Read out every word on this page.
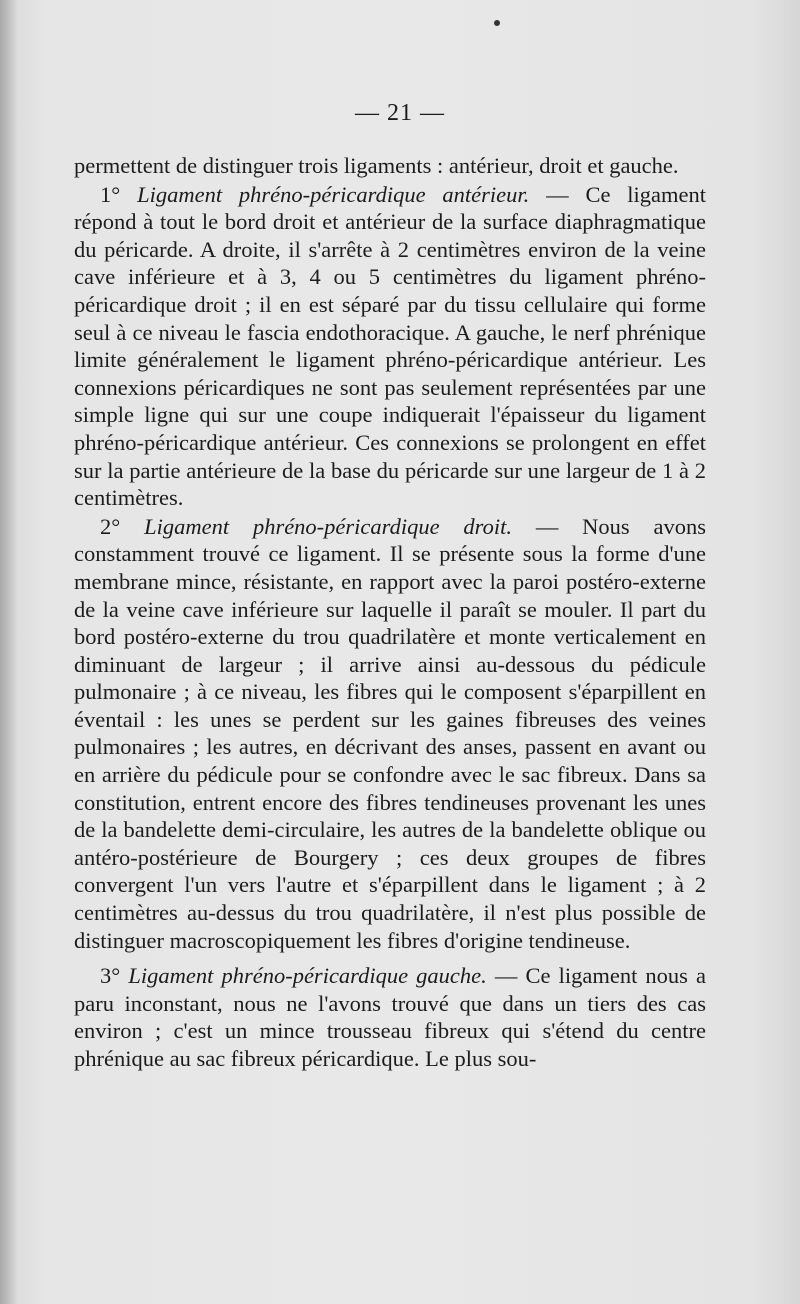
— 21 —

permettent de distinguer trois ligaments : antérieur, droit et gauche.

1° Ligament phréno-péricardique antérieur. — Ce ligament répond à tout le bord droit et antérieur de la surface diaphragmatique du péricarde. A droite, il s'arrête à 2 centimètres environ de la veine cave inférieure et à 3, 4 ou 5 centimètres du ligament phréno-péricardique droit ; il en est séparé par du tissu cellulaire qui forme seul à ce niveau le fascia endothoracique. A gauche, le nerf phrénique limite généralement le ligament phréno-péricardique antérieur. Les connexions péricardiques ne sont pas seulement représentées par une simple ligne qui sur une coupe indiquerait l'épaisseur du ligament phréno-péricardique antérieur. Ces connexions se prolongent en effet sur la partie antérieure de la base du péricarde sur une largeur de 1 à 2 centimètres.

2° Ligament phréno-péricardique droit. — Nous avons constamment trouvé ce ligament. Il se présente sous la forme d'une membrane mince, résistante, en rapport avec la paroi postéro-externe de la veine cave inférieure sur laquelle il paraît se mouler. Il part du bord postéro-externe du trou quadrilatère et monte verticalement en diminuant de largeur ; il arrive ainsi au-dessous du pédicule pulmonaire ; à ce niveau, les fibres qui le composent s'éparpillent en éventail : les unes se perdent sur les gaines fibreuses des veines pulmonaires ; les autres, en décrivant des anses, passent en avant ou en arrière du pédicule pour se confondre avec le sac fibreux. Dans sa constitution, entrent encore des fibres tendineuses provenant les unes de la bandelette demi-circulaire, les autres de la bandelette oblique ou antéro-postérieure de Bourgery ; ces deux groupes de fibres convergent l'un vers l'autre et s'éparpillent dans le ligament ; à 2 centimètres au-dessus du trou quadrilatère, il n'est plus possible de distinguer macroscopiquement les fibres d'origine tendineuse.

3° Ligament phréno-péricardique gauche. — Ce ligament nous a paru inconstant, nous ne l'avons trouvé que dans un tiers des cas environ ; c'est un mince trousseau fibreux qui s'étend du centre phrénique au sac fibreux péricardique. Le plus sou-
